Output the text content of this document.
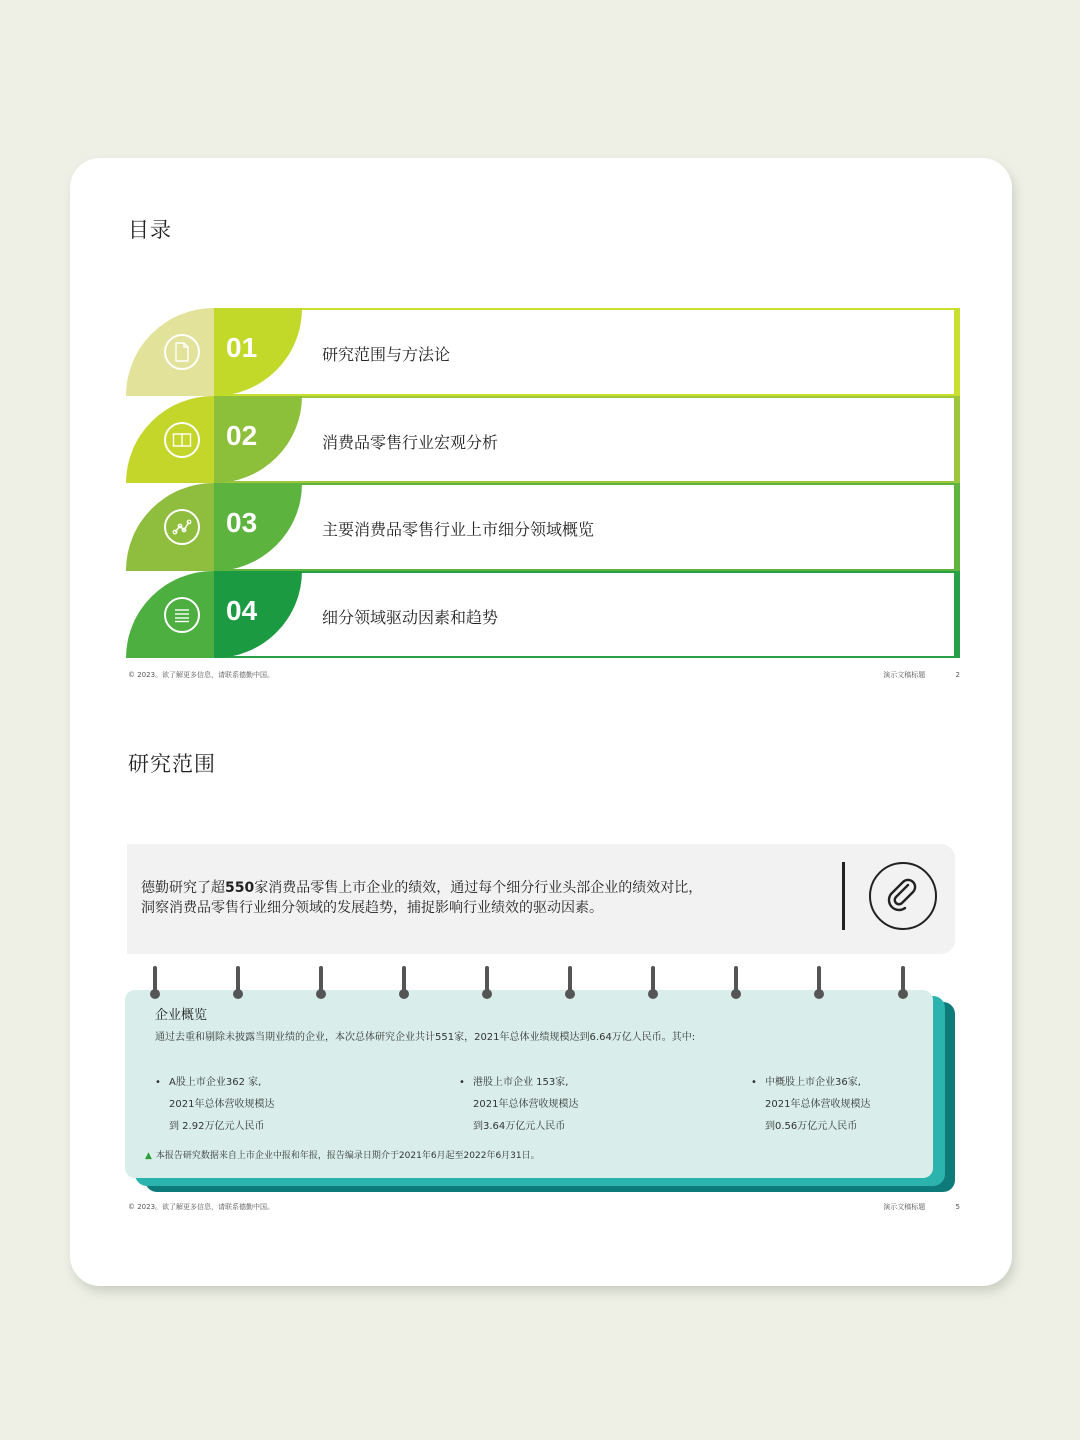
目录
01	研究范围与方法论
02	消费品零售行业宏观分析
03	主要消费品零售行业上市细分领域概览
04	细分领域驱动因素和趋势
© 2023。欲了解更多信息，请联系德勤中国。	演示文稿标题	2
研究范围
德勤研究了超550家消费品零售上市企业的绩效，通过每个细分行业头部企业的绩效对比，
洞察消费品零售行业细分领域的发展趋势，捕捉影响行业绩效的驱动因素。
企业概览
通过去重和剔除未披露当期业绩的企业，本次总体研究企业共计551家，2021年总体业绩规模达到6.64万亿人民币。其中:
• A股上市企业362 家,
2021年总体营收规模达
到 2.92万亿元人民币
• 港股上市企业 153家,
2021年总体营收规模达
到3.64万亿元人民币
• 中概股上市企业36家,
2021年总体营收规模达
到0.56万亿元人民币
▲ 本报告研究数据来自上市企业中报和年报，报告编录日期介于2021年6月起至2022年6月31日。
© 2023。欲了解更多信息，请联系德勤中国。	演示文稿标题	5
